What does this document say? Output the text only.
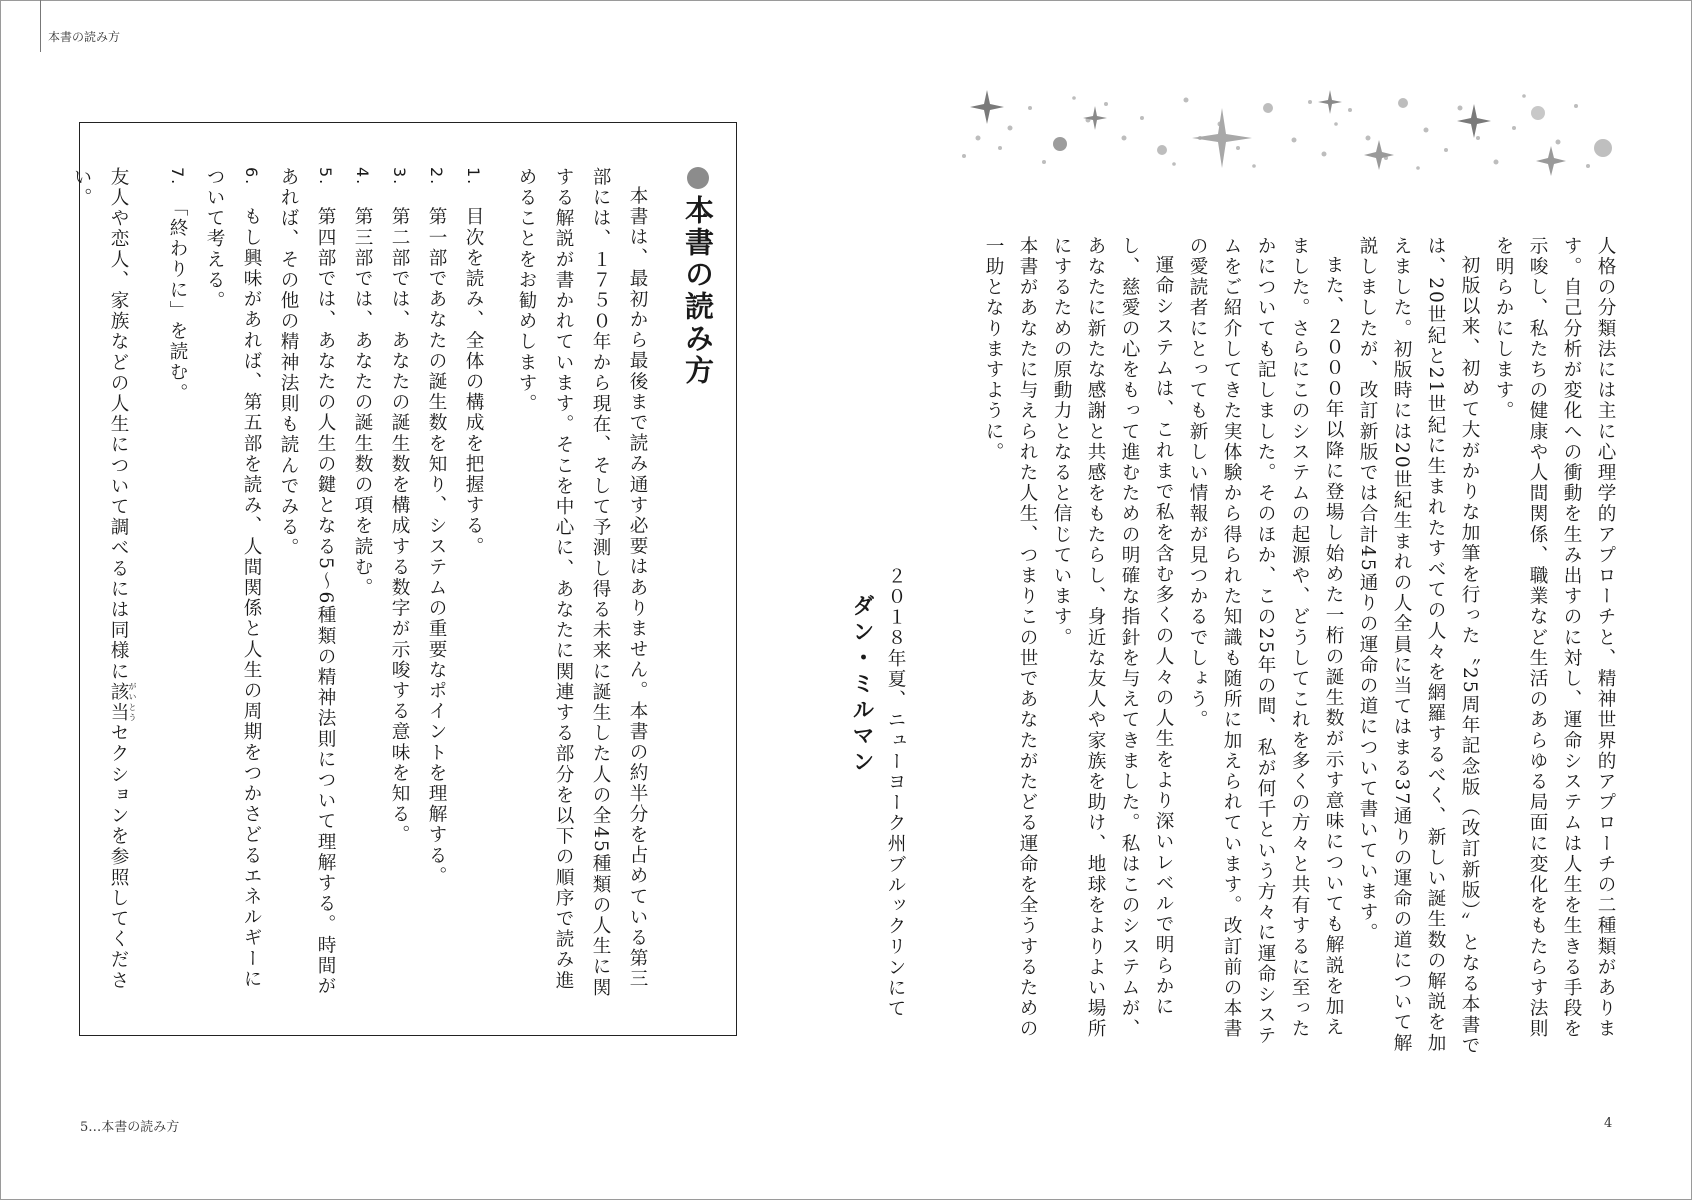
本書の読み方
本書の読み方
本書は、最初から最後まで読み通す必要はありません。本書の約半分を占めている第三部には、１７５０年から現在、そして予測し得る未来に誕生した人の全45種類の人生に関する解説が書かれています。そこを中心に、あなたに関連する部分を以下の順序で読み進めることをお勧めします。
1.　目次を読み、全体の構成を把握する。
2.　第一部であなたの誕生数を知り、システムの重要なポイントを理解する。
3.　第二部では、あなたの誕生数を構成する数字が示唆する意味を知る。
4.　第三部では、あなたの誕生数の項を読む。
5.　第四部では、あなたの人生の鍵となる5～6種類の精神法則について理解する。時間があれば、その他の精神法則も読んでみる。
6.　もし興味があれば、第五部を読み、人間関係と人生の周期をつかさどるエネルギーについて考える。
7.　「終わりに」を読む。
友人や恋人、家族などの人生について調べるには同様に該当 がいとうセクションを参照してください。
人格の分類法には主に心理学的アプローチと、精神世界的アプローチの二種類があります。自己分析が変化への衝動を生み出すのに対し、運命システムは人生を生きる手段を示唆し、私たちの健康や人間関係、職業など生活のあらゆる局面に変化をもたらす法則を明らかにします。
初版以来、初めて大がかりな加筆を行った〝25周年記念版（改訂新版）〟となる本書では、20世紀と21世紀に生まれたすべての人々を網羅するべく、新しい誕生数の解説を加えました。初版時には20世紀生まれの人全員に当てはまる37通りの運命の道について解説しましたが、改訂新版では合計45通りの運命の道について書いています。
また、２０００年以降に登場し始めた一桁の誕生数が示す意味についても解説を加えました。さらにこのシステムの起源や、どうしてこれを多くの方々と共有するに至ったかについても記しました。そのほか、この25年の間、私が何千という方々に運命システムをご紹介してきた実体験から得られた知識も随所に加えられています。改訂前の本書の愛読者にとっても新しい情報が見つかるでしょう。
運命システムは、これまで私を含む多くの人々の人生をより深いレベルで明らかにし、慈愛の心をもって進むための明確な指針を与えてきました。私はこのシステムが、あなたに新たな感謝と共感をもたらし、身近な友人や家族を助け、地球をよりよい場所にするための原動力となると信じています。
本書があなたに与えられた人生、つまりこの世であなたがたどる運命を全うするための一助となりますように。
２０１８年夏、ニューヨーク州ブルックリンにて
ダン・ミルマン
5…本書の読み方	4
